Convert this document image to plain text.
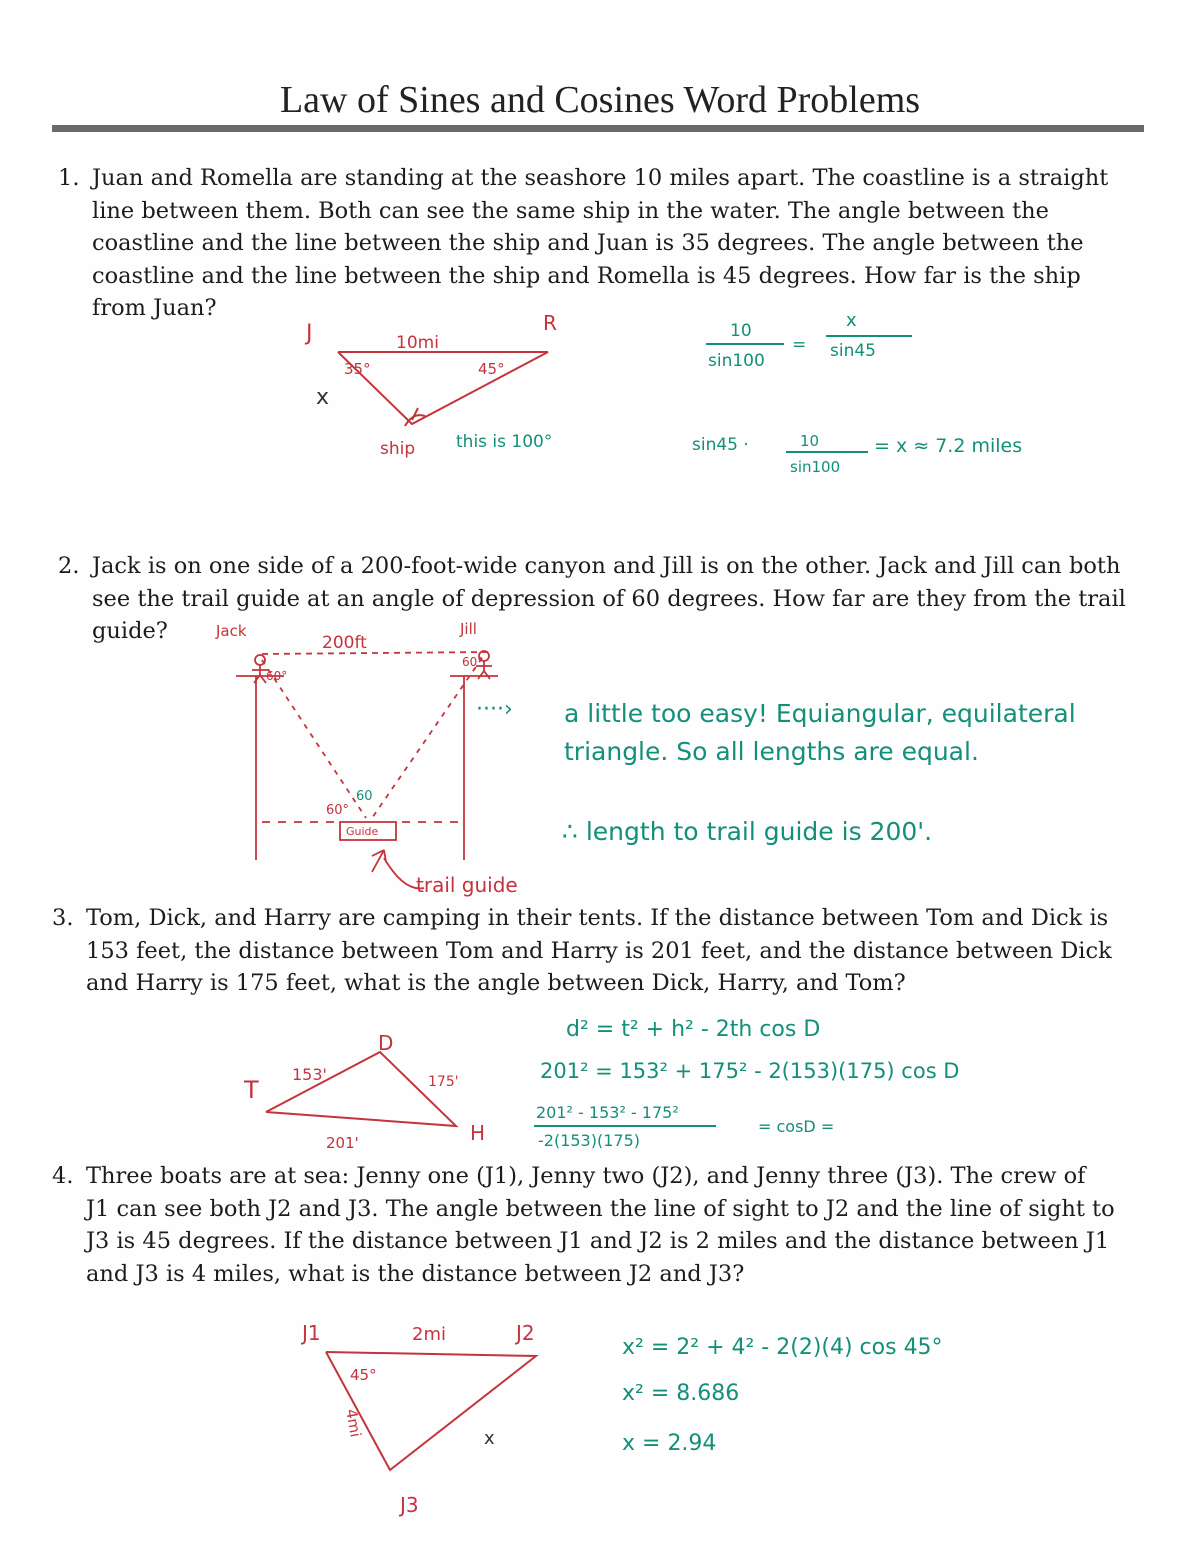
Law of Sines and Cosines Word Problems
1. Juan and Romella are standing at the seashore 10 miles apart. The coastline is a straight
line between them. Both can see the same ship in the water. The angle between the
coastline and the line between the ship and Juan is 35 degrees. The angle between the
coastline and the line between the ship and Romella is 45 degrees. How far is the ship
from Juan?
2. Jack is on one side of a 200-foot-wide canyon and Jill is on the other. Jack and Jill can both
see the trail guide at an angle of depression of 60 degrees. How far are they from the trail
guide?
3. Tom, Dick, and Harry are camping in their tents. If the distance between Tom and Dick is
153 feet, the distance between Tom and Harry is 201 feet, and the distance between Dick
and Harry is 175 feet, what is the angle between Dick, Harry, and Tom?
4. Three boats are at sea: Jenny one (J1), Jenny two (J2), and Jenny three (J3). The crew of
J1 can see both J2 and J3. The angle between the line of sight to J2 and the line of sight to
J3 is 45 degrees. If the distance between J1 and J2 is 2 miles and the distance between J1
and J3 is 4 miles, what is the distance between J2 and J3?
J	R
10mi
35°	45°
x
ship this is 100°
10
sin100
=
x
sin45
sin45 ·	10
sin100
= x ≈ 7.2 miles
Jack	Jill
200ft
60°
60°
60°
60
Guide
trail guide
····› a little too easy! Equiangular, equilateral
triangle. So all lengths are equal.
∴ length to trail guide is 200'.
T
D
H
153'	175'
201'
d² = t² + h² - 2th cos D
201² = 153² + 175² - 2(153)(175) cos D
201² - 153² - 175²
-2(153)(175)
= cosD =
J1	J2
J3
2mi
4mi
45°
x
x² = 2² + 4² - 2(2)(4) cos 45°
x² = 8.686
x = 2.94
